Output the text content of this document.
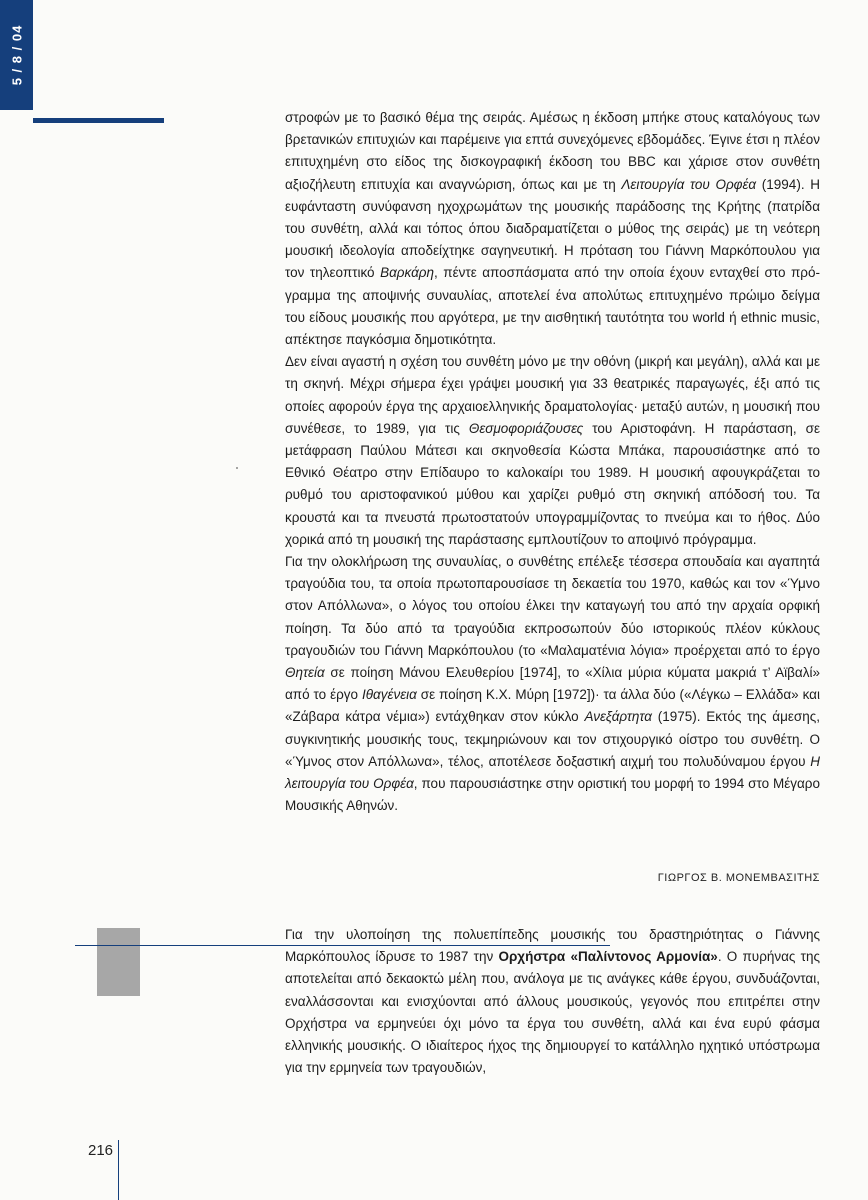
5 / 8 / 04

στροφών με το βασικό θέμα της σειράς. Αμέσως η έκδοση μπήκε στους καταλόγους των βρετανικών επιτυχιών και παρέμεινε για επτά συνεχόμενες εβδομάδες. Έγινε έτσι η πλέον επιτυχημένη στο είδος της δισκογραφική έκδοση του BBC και χάρισε στον συνθέτη αξιοζήλευτη επιτυχία και αναγνώριση, όπως και με τη Λειτουργία του Ορφέα (1994). Η ευφάνταστη συνύφανση ηχοχρωμάτων της μουσικής παράδοσης της Κρήτης (πατρίδα του συνθέτη, αλλά και τόπος όπου διαδραματίζεται ο μύθος της σειράς) με τη νεότερη μουσική ιδεολογία αποδείχτηκε σαγηνευτική. Η πρόταση του Γιάννη Μαρκόπουλου για τον τηλεοπτικό Βαρκάρη, πέντε αποσπάσματα από την οποία έχουν ενταχθεί στο πρόγραμμα της αποψινής συναυλίας, αποτελεί ένα απολύτως επιτυχημένο πρώιμο δείγμα του είδους μουσικής που αργότερα, με την αισθητική ταυτότητα του world ή ethnic music, απέκτησε παγκόσμια δημοτικότητα.

Δεν είναι αγαστή η σχέση του συνθέτη μόνο με την οθόνη (μικρή και μεγάλη), αλλά και με τη σκηνή. Μέχρι σήμερα έχει γράψει μουσική για 33 θεατρικές παραγωγές, έξι από τις οποίες αφορούν έργα της αρχαιοελληνικής δραματολογίας· μεταξύ αυτών, η μουσική που συνέθεσε, το 1989, για τις Θεσμοφοριάζουσες του Αριστοφάνη. Η παράσταση, σε μετάφραση Παύλου Μάτεσι και σκηνοθεσία Κώστα Μπάκα, παρουσιάστηκε από το Εθνικό Θέατρο στην Επίδαυρο το καλοκαίρι του 1989. Η μουσική αφουγκράζεται το ρυθμό του αριστοφανικού μύθου και χαρίζει ρυθμό στη σκηνική απόδοσή του. Τα κρουστά και τα πνευστά πρωτοστατούν υπογραμμίζοντας το πνεύμα και το ήθος. Δύο χορικά από τη μουσική της παράστασης εμπλουτίζουν το αποψινό πρόγραμμα.

Για την ολοκλήρωση της συναυλίας, ο συνθέτης επέλεξε τέσσερα σπουδαία και αγαπητά τραγούδια του, τα οποία πρωτοπαρουσίασε τη δεκαετία του 1970, καθώς και τον «Ύμνο στον Απόλλωνα», ο λόγος του οποίου έλκει την καταγωγή του από την αρχαία ορφική ποίηση. Τα δύο από τα τραγούδια εκπροσωπούν δύο ιστορικούς πλέον κύκλους τραγουδιών του Γιάννη Μαρκόπουλου (το «Μαλαματένια λόγια» προέρχεται από το έργο Θητεία σε ποίηση Μάνου Ελευθερίου [1974], το «Χίλια μύρια κύματα μακριά τ’ Αϊβαλί» από το έργο Ιθαγένεια σε ποίηση Κ.Χ. Μύρη [1972])· τα άλλα δύο («Λέγκω – Ελλάδα» και «Ζάβαρα κάτρα νέμια») εντάχθηκαν στον κύκλο Ανεξάρτητα (1975). Εκτός της άμεσης, συγκινητικής μουσικής τους, τεκμηριώνουν και τον στιχουργικό οίστρο του συνθέτη. Ο «Ύμνος στον Απόλλωνα», τέλος, αποτέλεσε δοξαστική αιχμή του πολυδύναμου έργου Η λειτουργία του Ορφέα, που παρουσιάστηκε στην οριστική του μορφή το 1994 στο Μέγαρο Μουσικής Αθηνών.

ΓΙΩΡΓΟΣ Β. ΜΟΝΕΜΒΑΣΙΤΗΣ

Για την υλοποίηση της πολυεπίπεδης μουσικής του δραστηριότητας ο Γιάννης Μαρκόπουλος ίδρυσε το 1987 την Ορχήστρα «Παλίντονος Αρμονία». Ο πυρήνας της αποτελείται από δεκαοκτώ μέλη που, ανάλογα με τις ανάγκες κάθε έργου, συνδυάζονται, εναλλάσσονται και ενισχύονται από άλλους μουσικούς, γεγονός που επιτρέπει στην Ορχήστρα να ερμηνεύει όχι μόνο τα έργα του συνθέτη, αλλά και ένα ευρύ φάσμα ελληνικής μουσικής. Ο ιδιαίτερος ήχος της δημιουργεί το κατάλληλο ηχητικό υπόστρωμα για την ερμηνεία των τραγουδιών,

216
